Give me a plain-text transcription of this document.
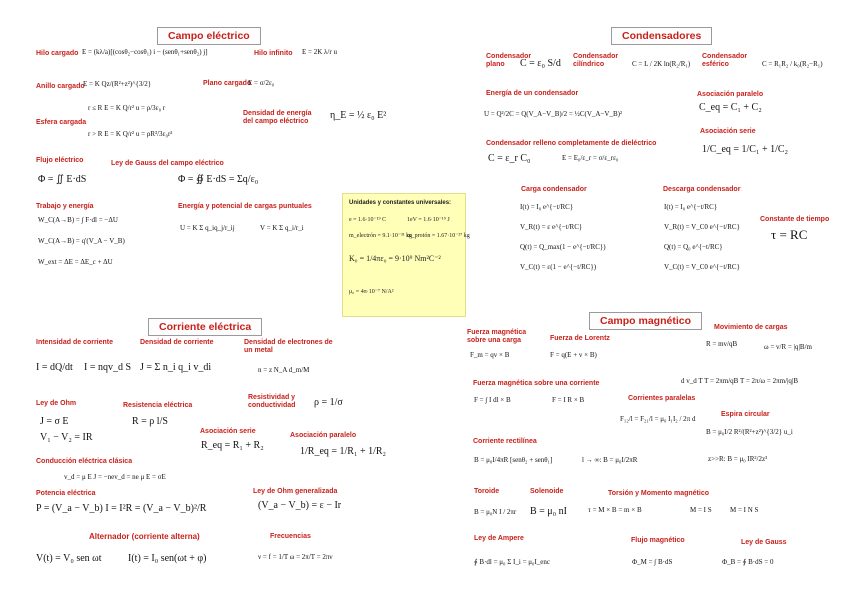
Campo eléctrico
Hilo cargado E = (kλ/a)[(cosθ₂−cosθ₁) i − (senθ₁+senθ₂) j]	Hilo infinito E = 2K λ/r u
Anillo cargado
E = K Qz/(R²+z²)^{3/2}	Plano cargado
E = σ/2ε₀
r ≤ R E = K Q/r² u = ρ/3ε₀ r
Esfera cargada
r > R E = K Q/r² u = ρR³/3ε₀r²
Densidad de energía del campo eléctrico
η_E = ½ ε₀ E²
Flujo eléctrico
Φ = ∬ E·dS
Ley de Gauss del campo eléctrico
Φ = ∯ E·dS = Σq/ε₀
Trabajo y energía	Energía y potencial de cargas puntuales
W_C(A→B) = ∫ F·dl = −ΔU
W_C(A→B) = q'(V_A − V_B)
W_ext = ΔE = ΔE_c + ΔU
U = K Σ q_iq_j/r_ij	V = K Σ q_i/r_i
Condensadores
Condensador plano	C = ε₀ S/d
Condensador cilíndrico	C = L / 2K ln(R₂/R₁)
Condensador esférico	C = R₁R₂ / k₀(R₂−R₁)
Energía de un condensador
U = Q²/2C = Q(V_A−V_B)/2 = ½C(V_A−V_B)²
Asociación paralelo
C_eq = C₁ + C₂
Condensador relleno completamente de dieléctrico
C = ε_r C₀	E = E₀/ε_r = σ/ε_rε₀
Asociación serie
1/C_eq = 1/C₁ + 1/C₂
Carga condensador
I(t) = I₀ e^{−t/RC}
V_R(t) = ε e^{−t/RC}
Q(t) = Q_max(1 − e^{−t/RC})
V_C(t) = ε(1 − e^{−t/RC})
Descarga condensador
I(t) = I₀ e^{−t/RC}
V_R(t) = V_C0 e^{−t/RC}
Q(t) = Q₀ e^{−t/RC}
V_C(t) = V_C0 e^{−t/RC}
Constante de tiempo
τ = RC
Unidades y constantes universales:
e = 1.6·10⁻¹⁹ C	1eV = 1.6·10⁻¹⁹ J
m_electrón = 9.1·10⁻³¹ kg
m_protón = 1.67·10⁻²⁷ kg
K₀ = 1/4πε₀ = 9·10⁹ Nm²C⁻²
μ₀ = 4π·10⁻⁷ N/A²
Corriente eléctrica
Intensidad de corriente
I = dQ/dt I = nqv_d S
Densidad de corriente
J = Σ n_i q_i v_di
Densidad de electrones de un metal
n = z N_A d_m/M
Ley de Ohm
J = σ E
V₁ − V₂ = IR
Resistencia eléctrica
R = ρ l/S
Resistividad y conductividad	ρ = 1/σ
Asociación serie
R_eq = R₁ + R₂
Asociación paralelo
1/R_eq = 1/R₁ + 1/R₂
Conducción eléctrica clásica
v_d = μ E J = −nev_d = ne μ E = σE
Potencia eléctrica
P = (V_a − V_b) I = I²R = (V_a − V_b)²/R
Ley de Ohm generalizada
(V_a − V_b) = ε − Ir
Alternador (corriente alterna)
V(t) = V₀ sen ωt	I(t) = I₀ sen(ωt + φ)
Frecuencias
ν = f = 1/T ω = 2π/T = 2πν
Campo magnético
Fuerza magnética sobre una carga
F_m = qv × B
Fuerza de Lorentz
F = q(E + v × B)
Movimiento de cargas
R = mv/qB	ω = v/R = |q|B/m
Fuerza magnética sobre una corriente	d v_d T T = 2πm/qB T = 2π/ω = 2πm/|q|B
F = ∫ I dl × B	F = I R × B	Corrientes paralelas
F₁₂/l = F₂₁/l = μ₀ I₁I₂ / 2π d
Espira circular
B = μ₀I/2 R²/(R²+z²)^{3/2} u_i
z>>R: B = μ₀ IR²/2z³
Corriente rectilínea
B = μ₀I/4πR [senθ₂ + senθ₁]	l → ∞: B = μ₀I/2πR
Toroide
B = μ₀N I / 2πr
Solenoide
B = μ₀ nI
Torsión y Momento magnético
τ = M × B = m × B	M = I S	M = I N S
Ley de Ampere
∮ B·dl = μ₀ Σ I_i = μ₀I_enc
Flujo magnético
Φ_M = ∫ B·dS
Ley de Gauss
Φ_B = ∮ B·dS = 0
